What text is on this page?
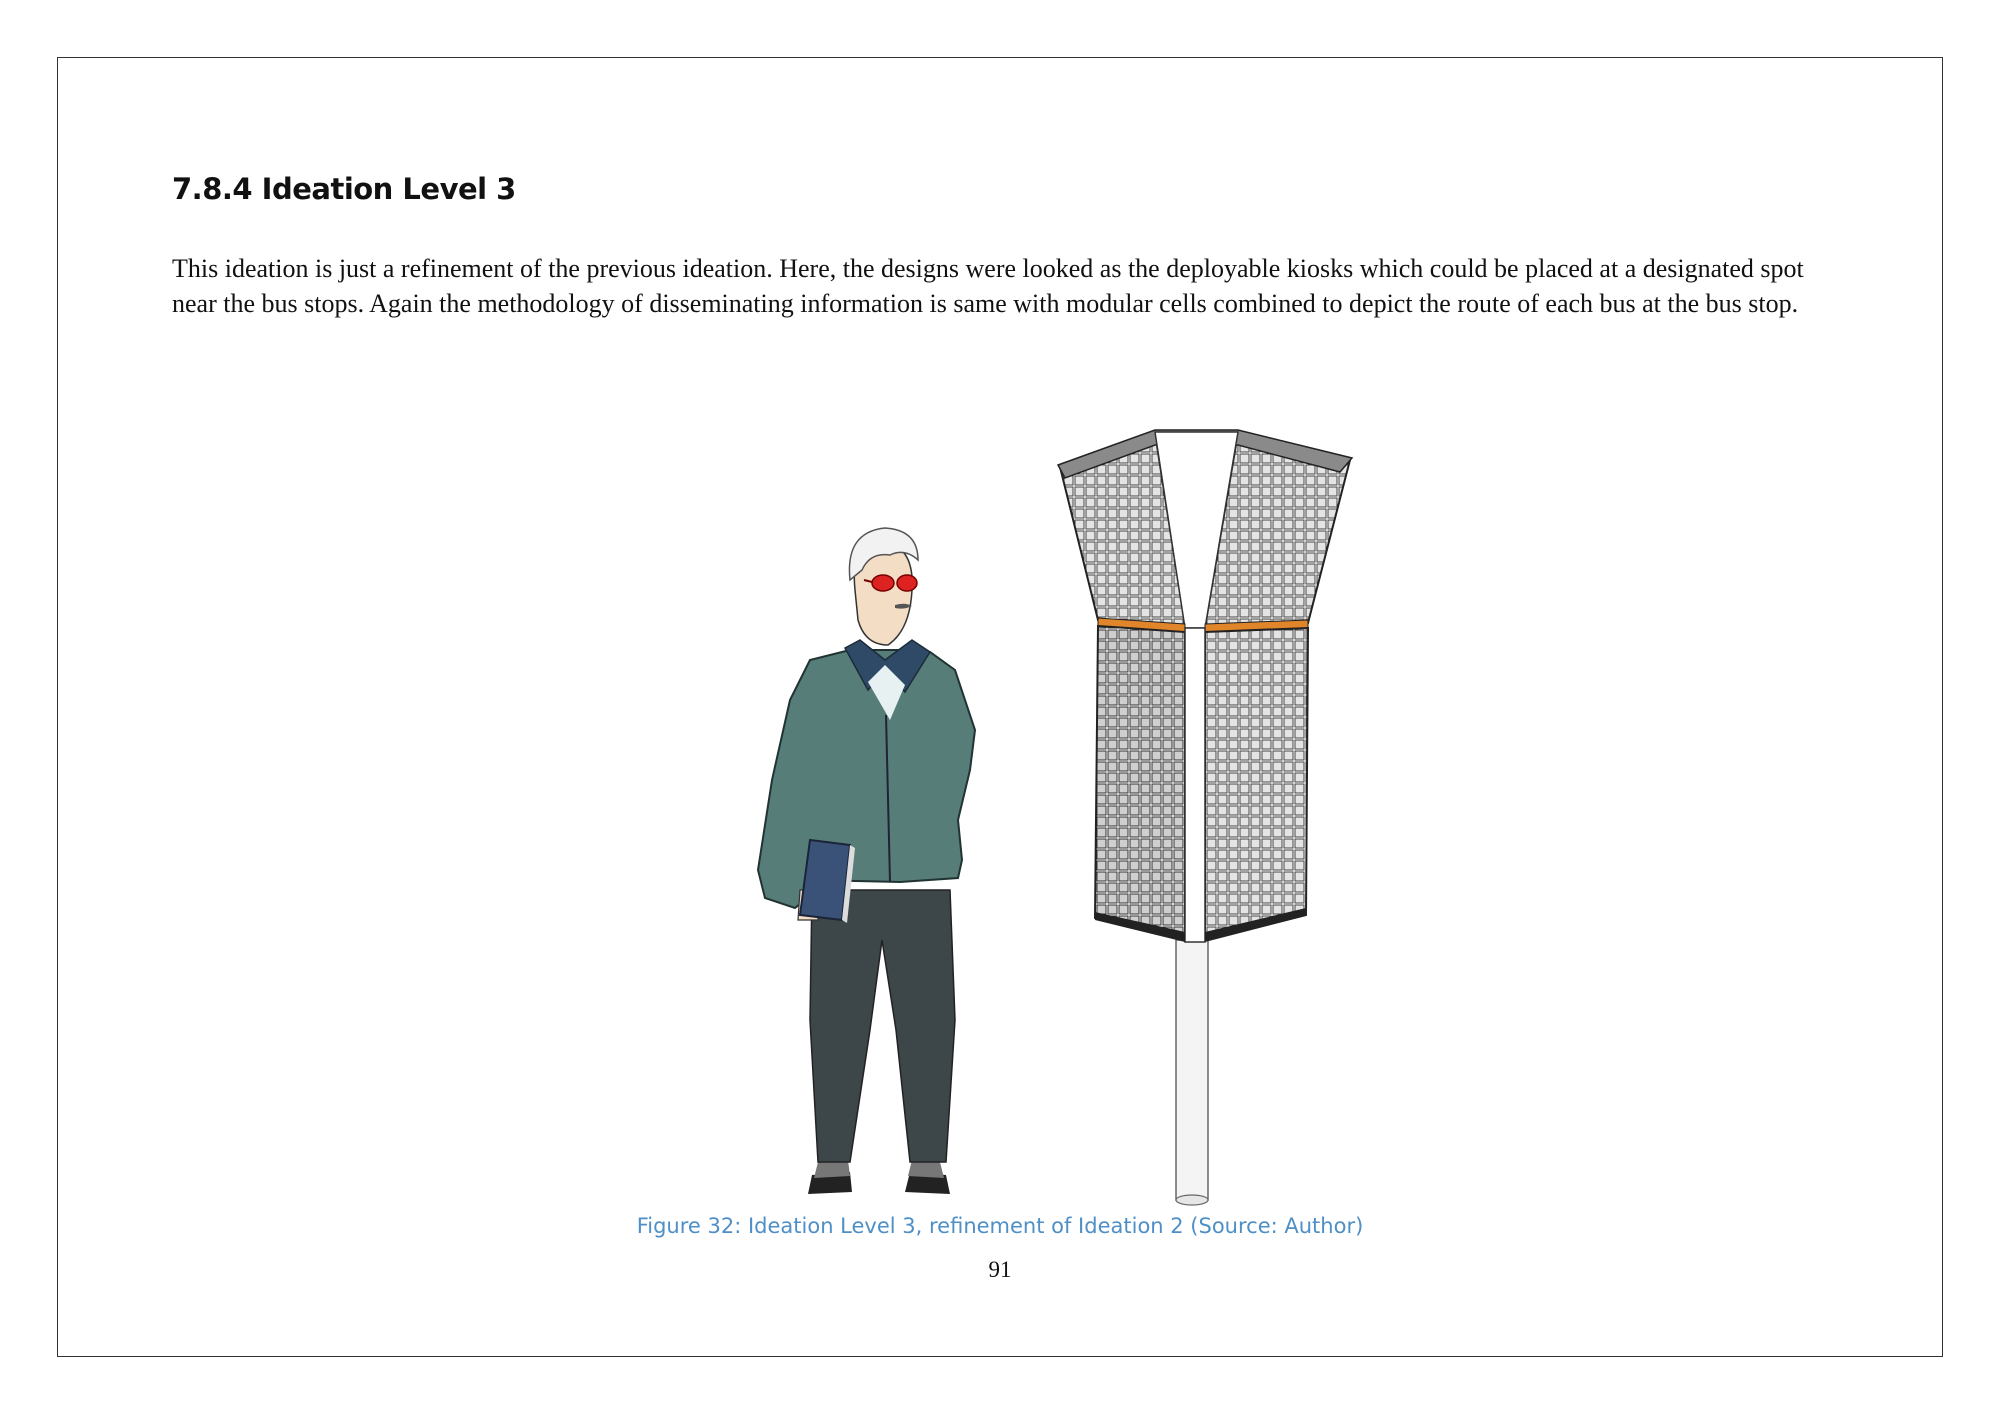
7.8.4 Ideation Level 3

This ideation is just a refinement of the previous ideation. Here, the designs were looked as the deployable kiosks which could be placed at a designated spot near the bus stops. Again the methodology of disseminating information is same with modular cells combined to depict the route of each bus at the bus stop.

Figure 32: Ideation Level 3, refinement of Ideation 2 (Source: Author)

91
